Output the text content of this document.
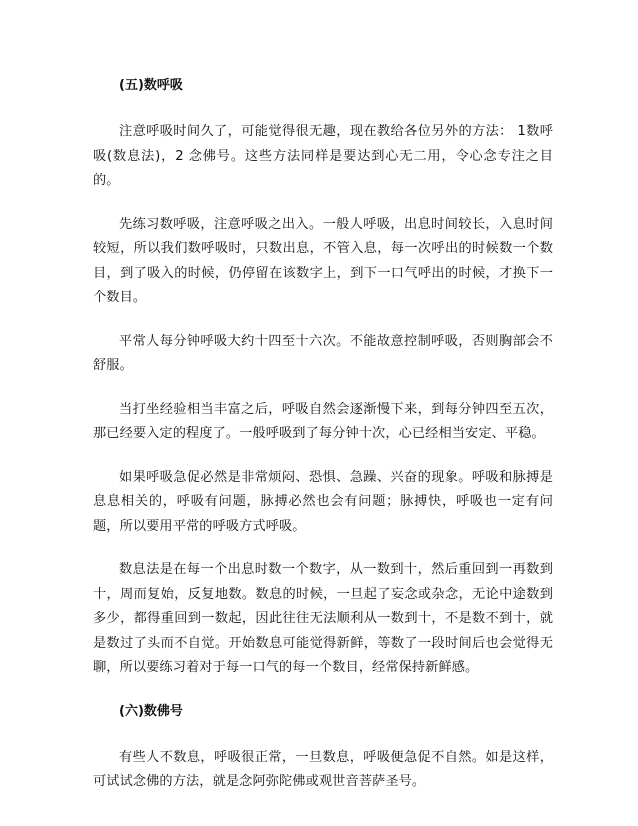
(五)数呼吸

注意呼吸时间久了，可能觉得很无趣，现在教给各位另外的方法： 1数呼吸(数息法)，2 念佛号。这些方法同样是要达到心无二用，令心念专注之目的。

先练习数呼吸，注意呼吸之出入。一般人呼吸，出息时间较长，入息时间较短，所以我们数呼吸时，只数出息，不管入息，每一次呼出的时候数一个数目，到了吸入的时候，仍停留在该数字上，到下一口气呼出的时候，才换下一个数目。

平常人每分钟呼吸大约十四至十六次。不能故意控制呼吸，否则胸部会不舒服。

当打坐经验相当丰富之后，呼吸自然会逐渐慢下来，到每分钟四至五次，那已经要入定的程度了。一般呼吸到了每分钟十次，心已经相当安定、平稳。

如果呼吸急促必然是非常烦闷、恐惧、急躁、兴奋的现象。呼吸和脉搏是息息相关的，呼吸有问题，脉搏必然也会有问题；脉搏快，呼吸也一定有问题，所以要用平常的呼吸方式呼吸。

数息法是在每一个出息时数一个数字，从一数到十，然后重回到一再数到十，周而复始，反复地数。数息的时候，一旦起了妄念或杂念，无论中途数到多少，都得重回到一数起，因此往往无法顺利从一数到十，不是数不到十，就是数过了头而不自觉。开始数息可能觉得新鲜，等数了一段时间后也会觉得无聊，所以要练习着对于每一口气的每一个数目，经常保持新鲜感。

(六)数佛号

有些人不数息，呼吸很正常，一旦数息，呼吸便急促不自然。如是这样，可试试念佛的方法，就是念阿弥陀佛或观世音菩萨圣号。
